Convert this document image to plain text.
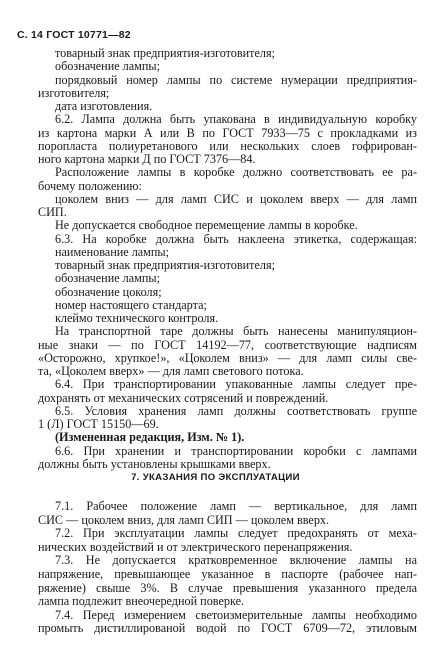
С. 14 ГОСТ 10771—82
товарный знак предприятия-изготовителя;
обозначение лампы;
порядковый номер лампы по системе нумерации предприятия-
изготовителя;
дата изготовления.
6.2. Лампа должна быть упакована в индивидуальную коробку
из картона марки А или В по ГОСТ 7933—75 с прокладками из
поропласта полиуретанового или нескольких слоев гофрирован-
ного картона марки Д по ГОСТ 7376—84.
Расположение лампы в коробке должно соответствовать ее ра-
бочему положению:
цоколем вниз — для ламп СИС и цоколем вверх — для ламп
СИП.
Не допускается свободное перемещение лампы в коробке.
6.3. На коробке должна быть наклеена этикетка, содержащая:
наименование лампы;
товарный знак предприятия-изготовителя;
обозначение лампы;
обозначение цоколя;
номер настоящего стандарта;
клеймо технического контроля.
На транспортной таре должны быть нанесены манипуляцион-
ные знаки — по ГОСТ 14192—77, соответствующие надписям
«Осторожно, хрупкое!», «Цоколем вниз» — для ламп силы све-
та, «Цоколем вверх» — для ламп светового потока.
6.4. При транспортировании упакованные лампы следует пре-
дохранять от механических сотрясений и повреждений.
6.5. Условия хранения ламп должны соответствовать группе
1 (Л) ГОСТ 15150—69.
(Измененная редакция, Изм. № 1).
6.6. При хранении и транспортировании коробки с лампами
должны быть установлены крышками вверх.
7. УКАЗАНИЯ ПО ЭКСПЛУАТАЦИИ
7.1. Рабочее положение ламп — вертикальное, для ламп
СИС — цоколем вниз, для ламп СИП — цоколем вверх.
7.2. При эксплуатации лампы следует предохранять от меха-
нических воздействий и от электрического перенапряжения.
7.3. Не допускается кратковременное включение лампы на
напряжение, превышающее указанное в паспорте (рабочее нап-
ряжение) свыше 3%. В случае превышения указанного предела
лампа подлежит внеочередной поверке.
7.4. Перед измерением светоизмерительные лампы необходимо
промыть дистиллированой водой по ГОСТ 6709—72, этиловым
